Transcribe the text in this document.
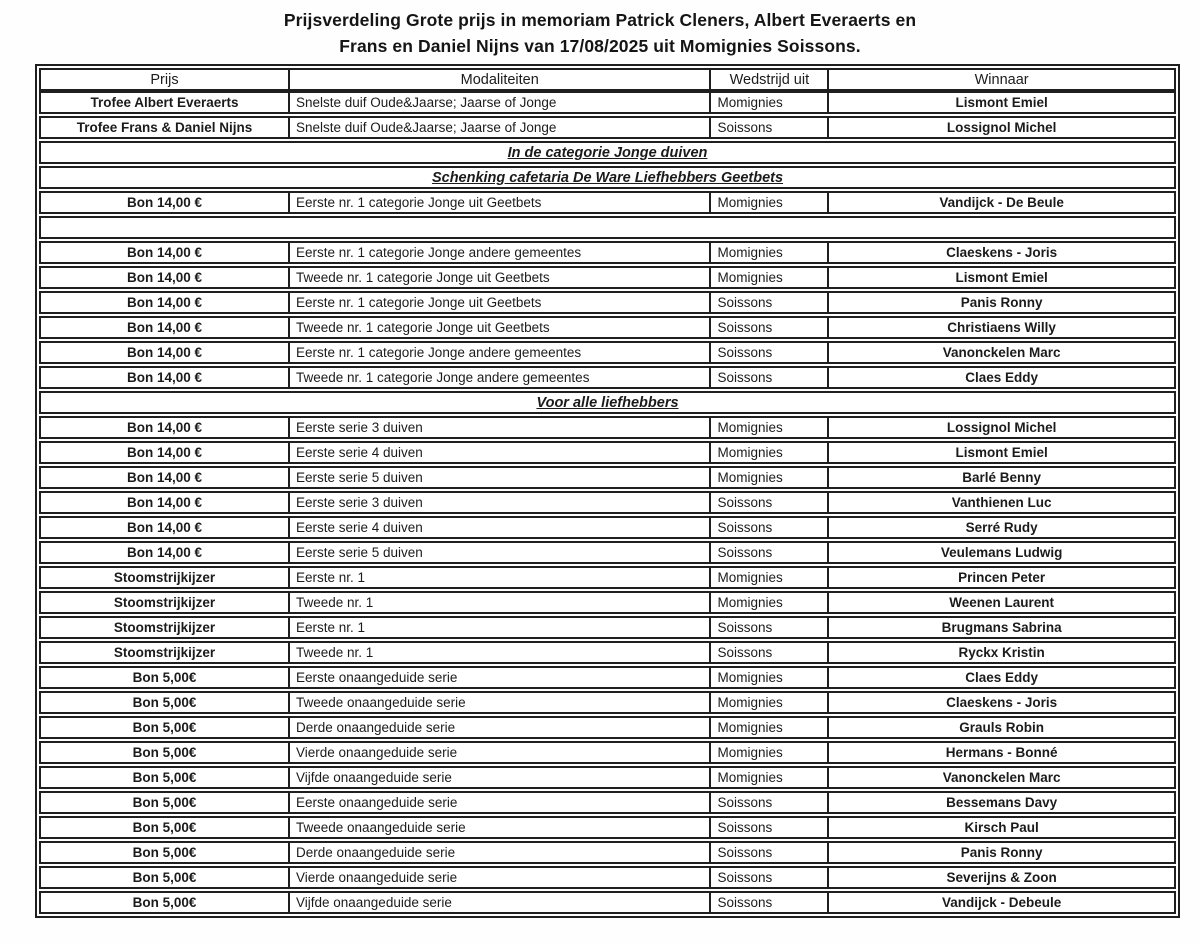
Prijsverdeling Grote prijs in memoriam Patrick Cleners, Albert Everaerts en
Frans en Daniel Nijns van 17/08/2025 uit Momignies Soissons.
Prijs	Modaliteiten	Wedstrijd uit	Winnaar
Trofee Albert Everaerts	Snelste duif Oude&Jaarse; Jaarse of Jonge	Momignies	Lismont Emiel
Trofee Frans & Daniel Nijns	Snelste duif Oude&Jaarse; Jaarse of Jonge	Soissons	Lossignol Michel
In de categorie Jonge duiven
Schenking cafetaria De Ware Liefhebbers Geetbets
Bon 14,00 €	Eerste nr. 1 categorie Jonge uit Geetbets	Momignies	Vandijck - De Beule
Bon 14,00 €	Eerste nr. 1 categorie Jonge andere gemeentes	Momignies	Claeskens - Joris
Bon 14,00 €	Tweede nr. 1 categorie Jonge uit Geetbets	Momignies	Lismont Emiel
Bon 14,00 €	Eerste nr. 1 categorie Jonge uit Geetbets	Soissons	Panis Ronny
Bon 14,00 €	Tweede nr. 1 categorie Jonge uit Geetbets	Soissons	Christiaens Willy
Bon 14,00 €	Eerste nr. 1 categorie Jonge andere gemeentes	Soissons	Vanonckelen Marc
Bon 14,00 €	Tweede nr. 1 categorie Jonge andere gemeentes	Soissons	Claes Eddy
Voor alle liefhebbers
Bon 14,00 €	Eerste serie 3 duiven	Momignies	Lossignol Michel
Bon 14,00 €	Eerste serie 4 duiven	Momignies	Lismont Emiel
Bon 14,00 €	Eerste serie 5 duiven	Momignies	Barlé Benny
Bon 14,00 €	Eerste serie 3 duiven	Soissons	Vanthienen Luc
Bon 14,00 €	Eerste serie 4 duiven	Soissons	Serré Rudy
Bon 14,00 €	Eerste serie 5 duiven	Soissons	Veulemans Ludwig
Stoomstrijkijzer	Eerste nr. 1	Momignies	Princen Peter
Stoomstrijkijzer	Tweede nr. 1	Momignies	Weenen Laurent
Stoomstrijkijzer	Eerste nr. 1	Soissons	Brugmans Sabrina
Stoomstrijkijzer	Tweede nr. 1	Soissons	Ryckx Kristin
Bon 5,00€	Eerste onaangeduide serie	Momignies	Claes Eddy
Bon 5,00€	Tweede onaangeduide serie	Momignies	Claeskens - Joris
Bon 5,00€	Derde onaangeduide serie	Momignies	Grauls Robin
Bon 5,00€	Vierde onaangeduide serie	Momignies	Hermans - Bonné
Bon 5,00€	Vijfde onaangeduide serie	Momignies	Vanonckelen Marc
Bon 5,00€	Eerste onaangeduide serie	Soissons	Bessemans Davy
Bon 5,00€	Tweede onaangeduide serie	Soissons	Kirsch Paul
Bon 5,00€	Derde onaangeduide serie	Soissons	Panis Ronny
Bon 5,00€	Vierde onaangeduide serie	Soissons	Severijns & Zoon
Bon 5,00€	Vijfde onaangeduide serie	Soissons	Vandijck - Debeule
